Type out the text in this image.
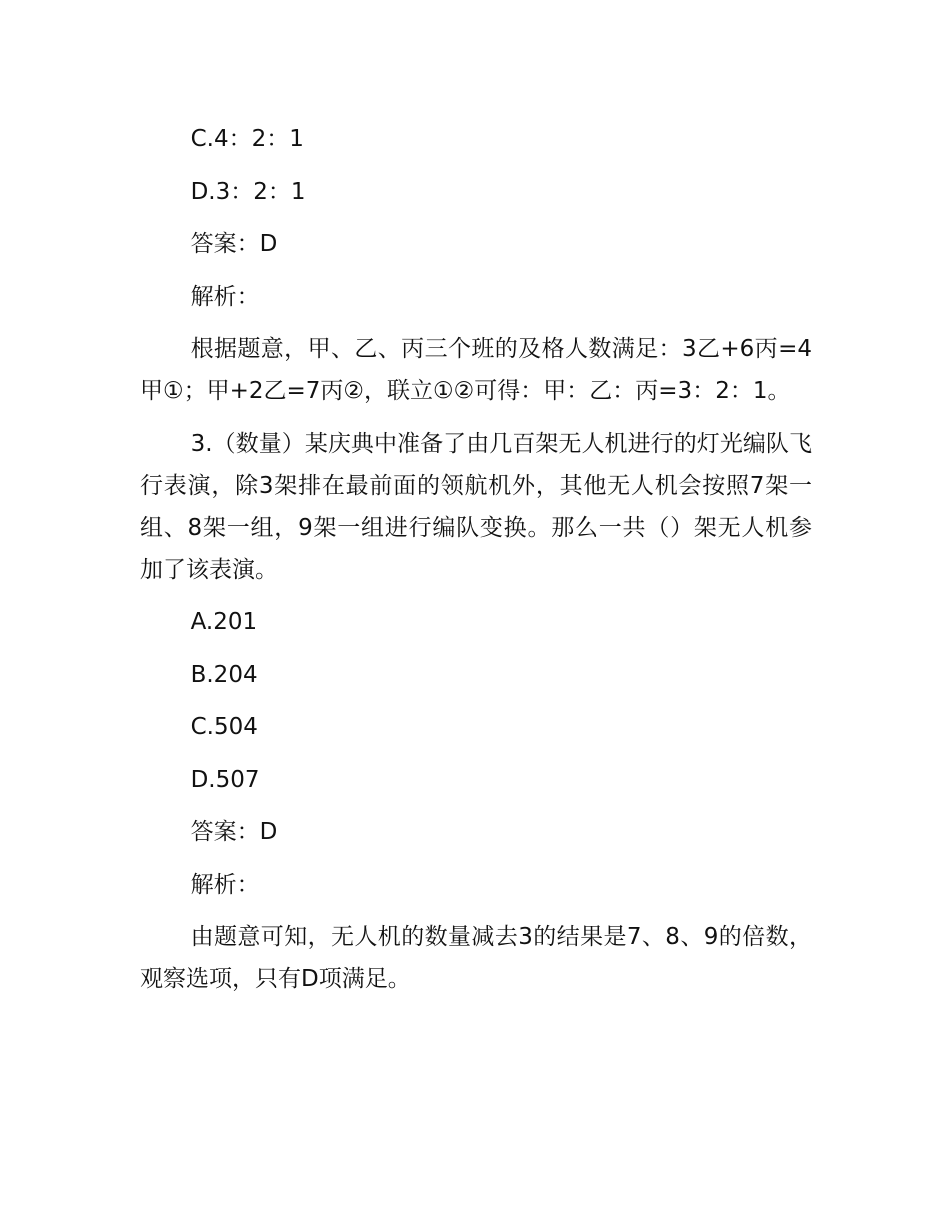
C.4：2：1

D.3：2：1

答案：D

解析：

根据题意，甲、乙、丙三个班的及格人数满足：3乙+6丙=4甲①；甲+2乙=7丙②，联立①②可得：甲：乙：丙=3：2：1。

3.（数量）某庆典中准备了由几百架无人机进行的灯光编队飞行表演，除3架排在最前面的领航机外，其他无人机会按照7架一组、8架一组，9架一组进行编队变换。那么一共（）架无人机参加了该表演。

A.201

B.204

C.504

D.507

答案：D

解析：

由题意可知，无人机的数量减去3的结果是7、8、9的倍数，观察选项，只有D项满足。
